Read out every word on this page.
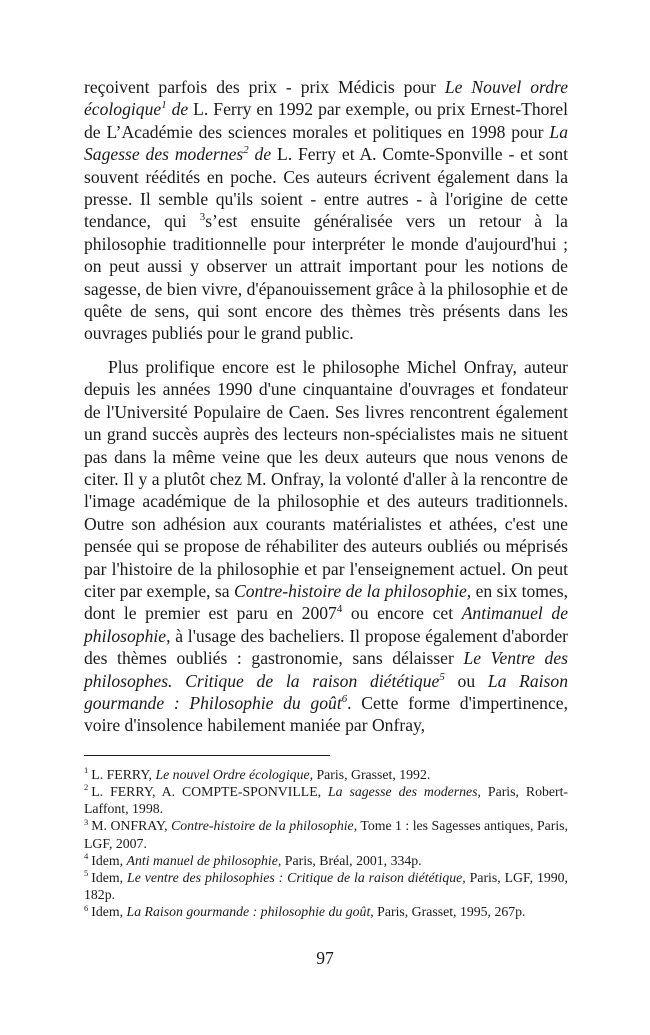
reçoivent parfois des prix - prix Médicis pour Le Nouvel ordre écologique$^1$ de L. Ferry en 1992 par exemple, ou prix Ernest-Thorel de L’Académie des sciences morales et politiques en 1998 pour La Sagesse des modernes$^2$ de L. Ferry et A. Comte-Sponville - et sont souvent réédités en poche. Ces auteurs écrivent également dans la presse. Il semble qu'ils soient - entre autres - à l'origine de cette tendance, qui $^3$s’est ensuite généralisée vers un retour à la philosophie traditionnelle pour interpréter le monde d'aujourd'hui ; on peut aussi y observer un attrait important pour les notions de sagesse, de bien vivre, d'épanouissement grâce à la philosophie et de quête de sens, qui sont encore des thèmes très présents dans les ouvrages publiés pour le grand public.

Plus prolifique encore est le philosophe Michel Onfray, auteur depuis les années 1990 d'une cinquantaine d'ouvrages et fondateur de l'Université Populaire de Caen. Ses livres rencontrent également un grand succès auprès des lecteurs non-spécialistes mais ne situent pas dans la même veine que les deux auteurs que nous venons de citer. Il y a plutôt chez M. Onfray, la volonté d'aller à la rencontre de l'image académique de la philosophie et des auteurs traditionnels. Outre son adhésion aux courants matérialistes et athées, c'est une pensée qui se propose de réhabiliter des auteurs oubliés ou méprisés par l'histoire de la philosophie et par l'enseignement actuel. On peut citer par exemple, sa Contre-histoire de la philosophie, en six tomes, dont le premier est paru en 2007$^4$ ou encore cet Antimanuel de philosophie, à l'usage des bacheliers. Il propose également d'aborder des thèmes oubliés : gastronomie, sans délaisser Le Ventre des philosophes. Critique de la raison diététique$^5$ ou La Raison gourmande : Philosophie du goût$^6$. Cette forme d'impertinence, voire d'insolence habilement maniée par Onfray,

$^1$ L. FERRY, Le nouvel Ordre écologique, Paris, Grasset, 1992.

$^2$ L. FERRY, A. COMPTE-SPONVILLE, La sagesse des modernes, Paris, Robert-Laffont, 1998.

$^3$ M. ONFRAY, Contre-histoire de la philosophie, Tome 1 : les Sagesses antiques, Paris, LGF, 2007.

$^4$ Idem, Anti manuel de philosophie, Paris, Bréal, 2001, 334p.

$^5$ Idem, Le ventre des philosophies : Critique de la raison diététique, Paris, LGF, 1990, 182p.

$^6$ Idem, La Raison gourmande : philosophie du goût, Paris, Grasset, 1995, 267p.

97
